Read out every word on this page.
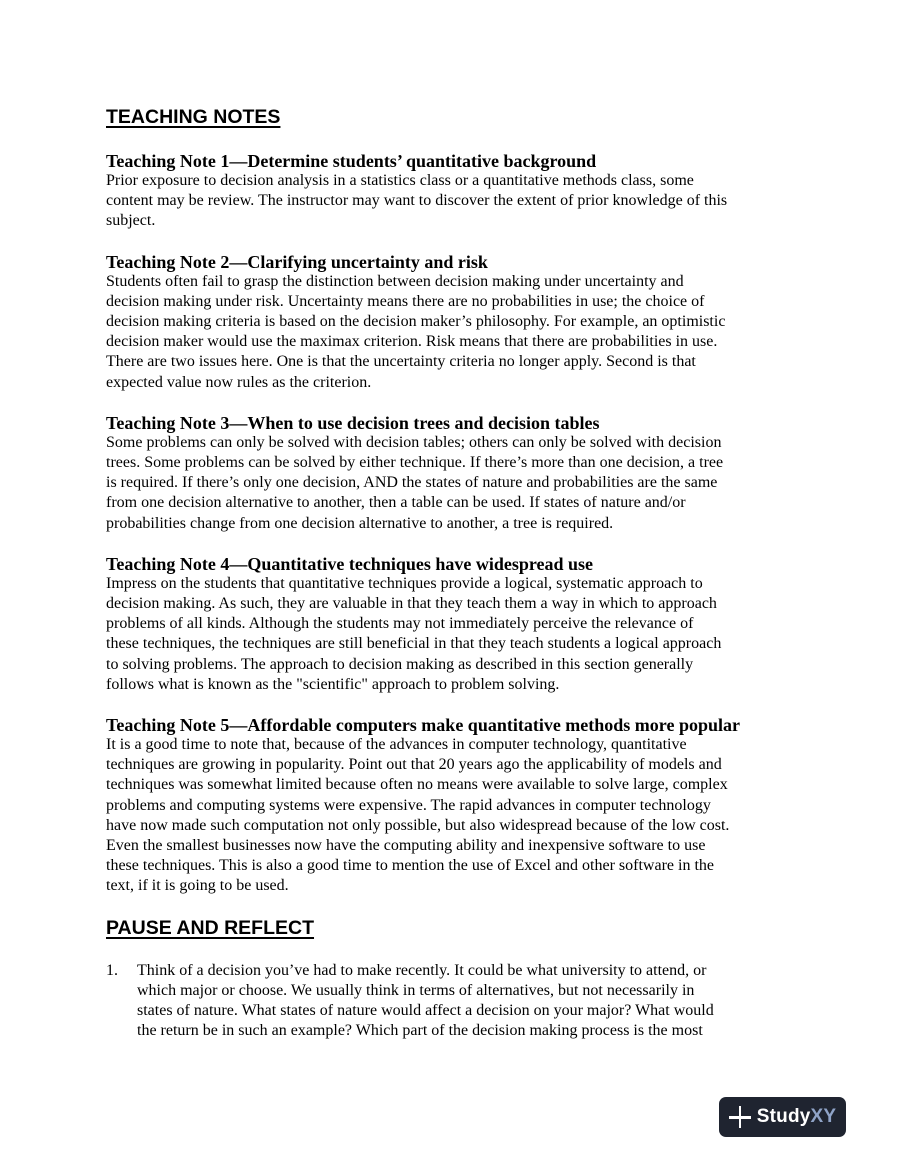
TEACHING NOTES
Teaching Note 1—Determine students’ quantitative background

Prior exposure to decision analysis in a statistics class or a quantitative methods class, some
content may be review. The instructor may want to discover the extent of prior knowledge of this
subject.

Teaching Note 2—Clarifying uncertainty and risk

Students often fail to grasp the distinction between decision making under uncertainty and
decision making under risk. Uncertainty means there are no probabilities in use; the choice of
decision making criteria is based on the decision maker’s philosophy. For example, an optimistic
decision maker would use the maximax criterion. Risk means that there are probabilities in use.
There are two issues here. One is that the uncertainty criteria no longer apply. Second is that
expected value now rules as the criterion.

Teaching Note 3—When to use decision trees and decision tables

Some problems can only be solved with decision tables; others can only be solved with decision
trees. Some problems can be solved by either technique. If there’s more than one decision, a tree
is required. If there’s only one decision, AND the states of nature and probabilities are the same
from one decision alternative to another, then a table can be used. If states of nature and/or
probabilities change from one decision alternative to another, a tree is required.

Teaching Note 4—Quantitative techniques have widespread use

Impress on the students that quantitative techniques provide a logical, systematic approach to
decision making. As such, they are valuable in that they teach them a way in which to approach
problems of all kinds. Although the students may not immediately perceive the relevance of
these techniques, the techniques are still beneficial in that they teach students a logical approach
to solving problems. The approach to decision making as described in this section generally
follows what is known as the "scientific" approach to problem solving.

Teaching Note 5—Affordable computers make quantitative methods more popular

It is a good time to note that, because of the advances in computer technology, quantitative
techniques are growing in popularity. Point out that 20 years ago the applicability of models and
techniques was somewhat limited because often no means were available to solve large, complex
problems and computing systems were expensive. The rapid advances in computer technology
have now made such computation not only possible, but also widespread because of the low cost.
Even the smallest businesses now have the computing ability and inexpensive software to use
these techniques. This is also a good time to mention the use of Excel and other software in the
text, if it is going to be used.

PAUSE AND REFLECT
1.	Think of a decision you’ve had to make recently. It could be what university to attend, or
which major or choose. We usually think in terms of alternatives, but not necessarily in
states of nature. What states of nature would affect a decision on your major? What would
the return be in such an example? Which part of the decision making process is the most
StudyXY
